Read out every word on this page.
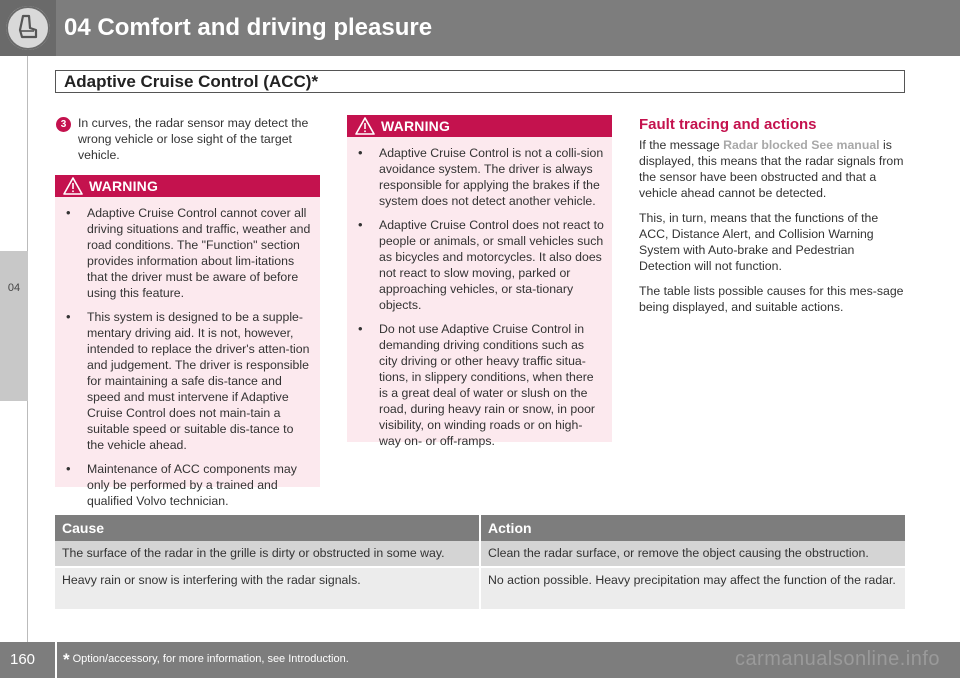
04 Comfort and driving pleasure
Adaptive Cruise Control (ACC)*
04
3 In curves, the radar sensor may detect the wrong vehicle or lose sight of the target vehicle.
WARNING
• Adaptive Cruise Control cannot cover all driving situations and traffic, weather and road conditions. The "Function" section provides information about lim-itations that the driver must be aware of before using this feature.
• This system is designed to be a supple-mentary driving aid. It is not, however, intended to replace the driver's atten-tion and judgement. The driver is responsible for maintaining a safe dis-tance and speed and must intervene if Adaptive Cruise Control does not main-tain a suitable speed or suitable dis-tance to the vehicle ahead.
• Maintenance of ACC components may only be performed by a trained and qualified Volvo technician.
WARNING
• Adaptive Cruise Control is not a colli-sion avoidance system. The driver is always responsible for applying the brakes if the system does not detect another vehicle.
• Adaptive Cruise Control does not react to people or animals, or small vehicles such as bicycles and motorcycles. It also does not react to slow moving, parked or approaching vehicles, or sta-tionary objects.
• Do not use Adaptive Cruise Control in demanding driving conditions such as city driving or other heavy traffic situa-tions, in slippery conditions, when there is a great deal of water or slush on the road, during heavy rain or snow, in poor visibility, on winding roads or on high-way on- or off-ramps.
Fault tracing and actions

If the message Radar blocked See manual is displayed, this means that the radar signals from the sensor have been obstructed and that a vehicle ahead cannot be detected.

This, in turn, means that the functions of the ACC, Distance Alert, and Collision Warning System with Auto-brake and Pedestrian Detection will not function.

The table lists possible causes for this mes-sage being displayed, and suitable actions.

Cause	Action
The surface of the radar in the grille is dirty or obstructed in some way.	Clean the radar surface, or remove the object causing the obstruction.
Heavy rain or snow is interfering with the radar signals.	No action possible. Heavy precipitation may affect the function of the radar.
160 * Option/accessory, for more information, see Introduction.	carmanualsonline.info
